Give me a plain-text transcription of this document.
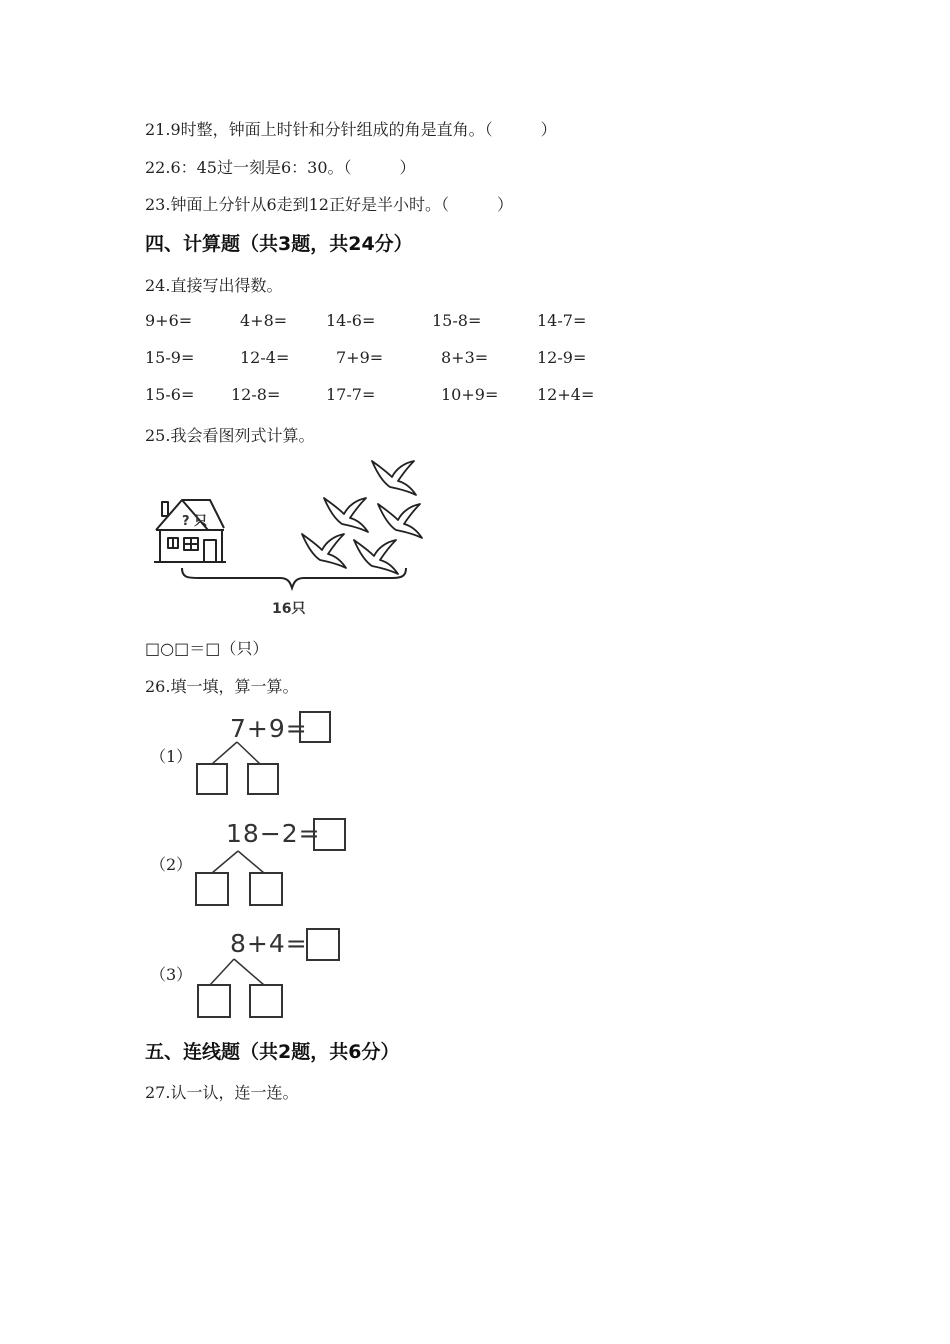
21.9时整，钟面上时针和分针组成的角是直角。（　　　）
22.6：45过一刻是6：30。（　　　）
23.钟面上分针从6走到12正好是半小时。（　　　）
四、计算题（共3题，共24分）
24.直接写出得数。
9+6=	4+8= 14-6=	15-8=	14-7=
15-9=	12-4=	7+9=	8+3=	12-9=
15-6= 12-8=	17-7=	10+9= 12+4=
25.我会看图列式计算。
? 只
16只
□○□＝□（只）
26.填一填，算一算。
（1）
7+9=
（2）
18−2=
（3）
8+4=
五、连线题（共2题，共6分）
27.认一认，连一连。
